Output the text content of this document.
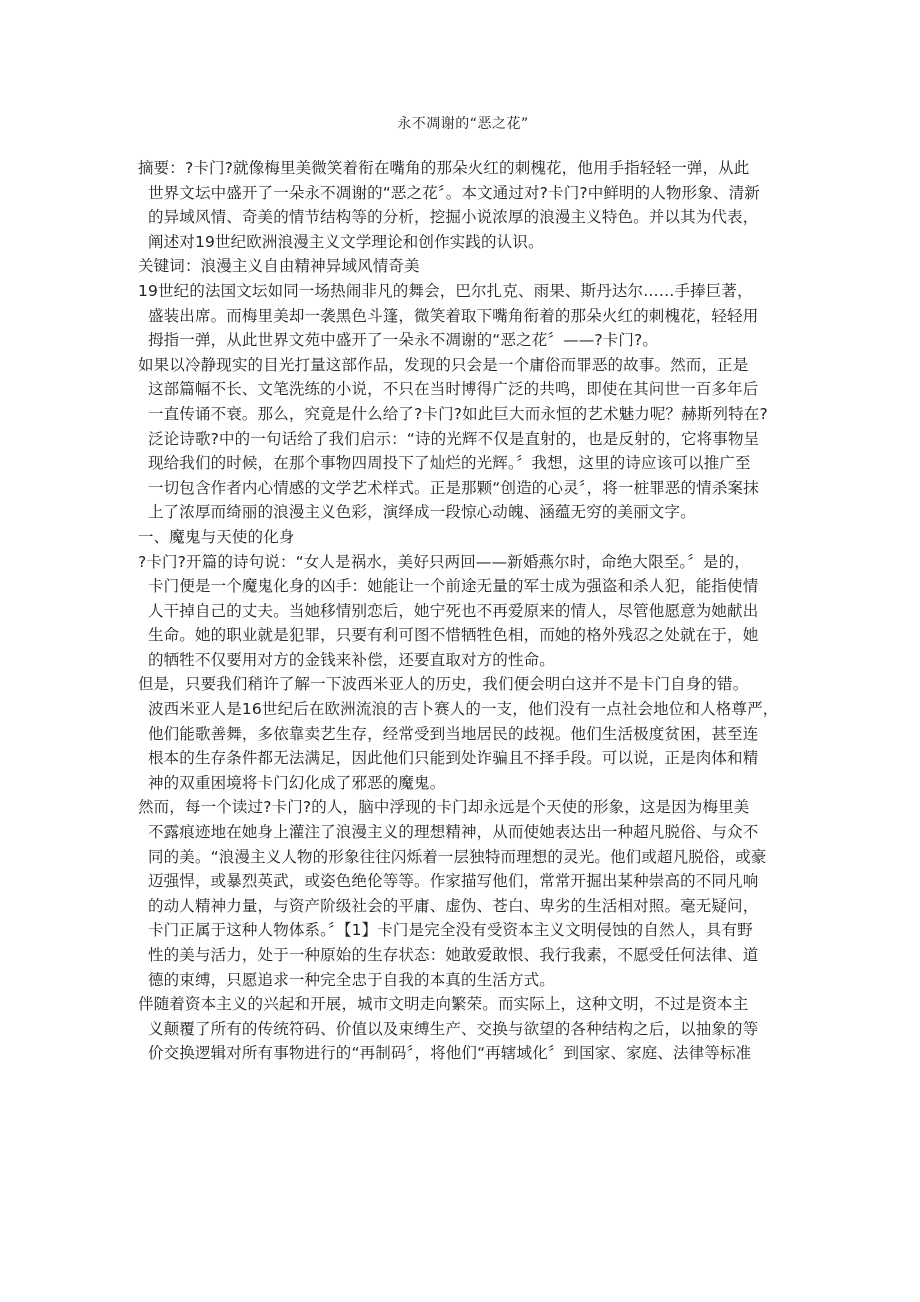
永不凋谢的“恶之花”
摘要：?卡门?就像梅里美微笑着衔在嘴角的那朵火红的刺槐花，他用手指轻轻一弹，从此
世界文坛中盛开了一朵永不凋谢的“恶之花〞。本文通过对?卡门?中鲜明的人物形象、清新
的异域风情、奇美的情节结构等的分析，挖掘小说浓厚的浪漫主义特色。并以其为代表，
阐述对19世纪欧洲浪漫主义文学理论和创作实践的认识。
关键词：浪漫主义自由精神异域风情奇美
19世纪的法国文坛如同一场热闹非凡的舞会，巴尔扎克、雨果、斯丹达尔……手捧巨著，
盛装出席。而梅里美却一袭黑色斗篷，微笑着取下嘴角衔着的那朵火红的刺槐花，轻轻用
拇指一弹，从此世界文苑中盛开了一朵永不凋谢的“恶之花〞——?卡门?。
如果以冷静现实的目光打量这部作品，发现的只会是一个庸俗而罪恶的故事。然而，正是
这部篇幅不长、文笔洗练的小说，不只在当时博得广泛的共鸣，即使在其问世一百多年后
一直传诵不衰。那么，究竟是什么给了?卡门?如此巨大而永恒的艺术魅力呢？赫斯列特在?
泛论诗歌?中的一句话给了我们启示：“诗的光辉不仅是直射的，也是反射的，它将事物呈
现给我们的时候，在那个事物四周投下了灿烂的光辉。〞我想，这里的诗应该可以推广至
一切包含作者内心情感的文学艺术样式。正是那颗“创造的心灵〞，将一桩罪恶的情杀案抹
上了浓厚而绮丽的浪漫主义色彩，演绎成一段惊心动魄、涵蕴无穷的美丽文字。
一、魔鬼与天使的化身
?卡门?开篇的诗句说：“女人是祸水，美好只两回——新婚燕尔时，命绝大限至。〞是的，
卡门便是一个魔鬼化身的凶手：她能让一个前途无量的军士成为强盗和杀人犯，能指使情
人干掉自己的丈夫。当她移情别恋后，她宁死也不再爱原来的情人，尽管他愿意为她献出
生命。她的职业就是犯罪，只要有利可图不惜牺牲色相，而她的格外残忍之处就在于，她
的牺牲不仅要用对方的金钱来补偿，还要直取对方的性命。
但是，只要我们稍许了解一下波西米亚人的历史，我们便会明白这并不是卡门自身的错。
波西米亚人是16世纪后在欧洲流浪的吉卜赛人的一支，他们没有一点社会地位和人格尊严，
他们能歌善舞，多依靠卖艺生存，经常受到当地居民的歧视。他们生活极度贫困，甚至连
根本的生存条件都无法满足，因此他们只能到处诈骗且不择手段。可以说，正是肉体和精
神的双重困境将卡门幻化成了邪恶的魔鬼。
然而，每一个读过?卡门?的人，脑中浮现的卡门却永远是个天使的形象，这是因为梅里美
不露痕迹地在她身上灌注了浪漫主义的理想精神，从而使她表达出一种超凡脱俗、与众不
同的美。“浪漫主义人物的形象往往闪烁着一层独特而理想的灵光。他们或超凡脱俗，或豪
迈强悍，或暴烈英武，或姿色绝伦等等。作家描写他们，常常开掘出某种崇高的不同凡响
的动人精神力量，与资产阶级社会的平庸、虚伪、苍白、卑劣的生活相对照。毫无疑问，
卡门正属于这种人物体系。〞【1】卡门是完全没有受资本主义文明侵蚀的自然人，具有野
性的美与活力，处于一种原始的生存状态：她敢爱敢恨、我行我素，不愿受任何法律、道
德的束缚，只愿追求一种完全忠于自我的本真的生活方式。
伴随着资本主义的兴起和开展，城市文明走向繁荣。而实际上，这种文明，不过是资本主
义颠覆了所有的传统符码、价值以及束缚生产、交换与欲望的各种结构之后，以抽象的等
价交换逻辑对所有事物进行的“再制码〞，将他们“再辖域化〞到国家、家庭、法律等标准
